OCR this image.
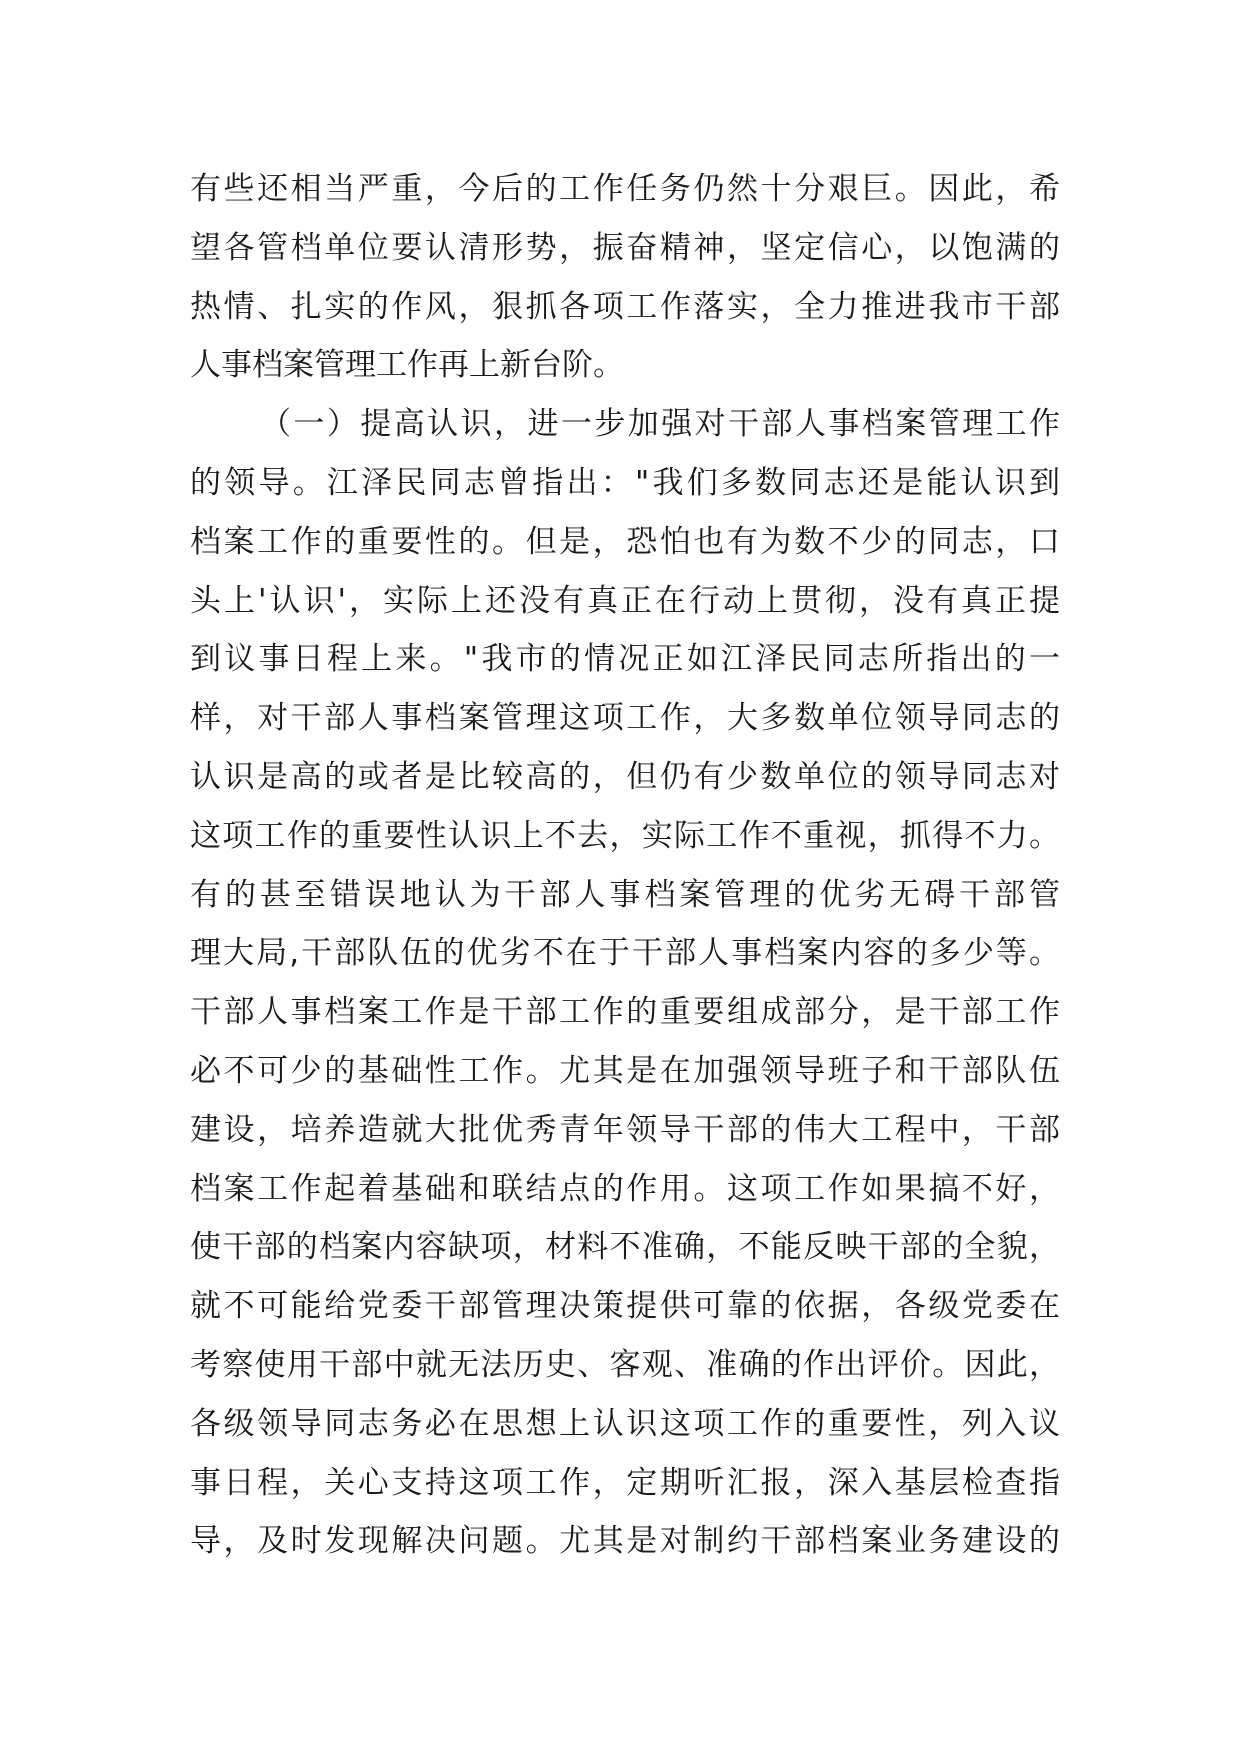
有些还相当严重，今后的工作任务仍然十分艰巨。因此，希
望各管档单位要认清形势，振奋精神，坚定信心，以饱满的
热情、扎实的作风，狠抓各项工作落实，全力推进我市干部
人事档案管理工作再上新台阶。
（一）提高认识，进一步加强对干部人事档案管理工作
的领导。江泽民同志曾指出："我们多数同志还是能认识到
档案工作的重要性的。但是，恐怕也有为数不少的同志，口
头上'认识'，实际上还没有真正在行动上贯彻，没有真正提
到议事日程上来。"我市的情况正如江泽民同志所指出的一
样，对干部人事档案管理这项工作，大多数单位领导同志的
认识是高的或者是比较高的，但仍有少数单位的领导同志对
这项工作的重要性认识上不去，实际工作不重视，抓得不力。
有的甚至错误地认为干部人事档案管理的优劣无碍干部管
理大局,干部队伍的优劣不在于干部人事档案内容的多少等。
干部人事档案工作是干部工作的重要组成部分，是干部工作
必不可少的基础性工作。尤其是在加强领导班子和干部队伍
建设，培养造就大批优秀青年领导干部的伟大工程中，干部
档案工作起着基础和联结点的作用。这项工作如果搞不好，
使干部的档案内容缺项，材料不准确，不能反映干部的全貌，
就不可能给党委干部管理决策提供可靠的依据，各级党委在
考察使用干部中就无法历史、客观、准确的作出评价。因此，
各级领导同志务必在思想上认识这项工作的重要性，列入议
事日程，关心支持这项工作，定期听汇报，深入基层检查指
导，及时发现解决问题。尤其是对制约干部档案业务建设的
